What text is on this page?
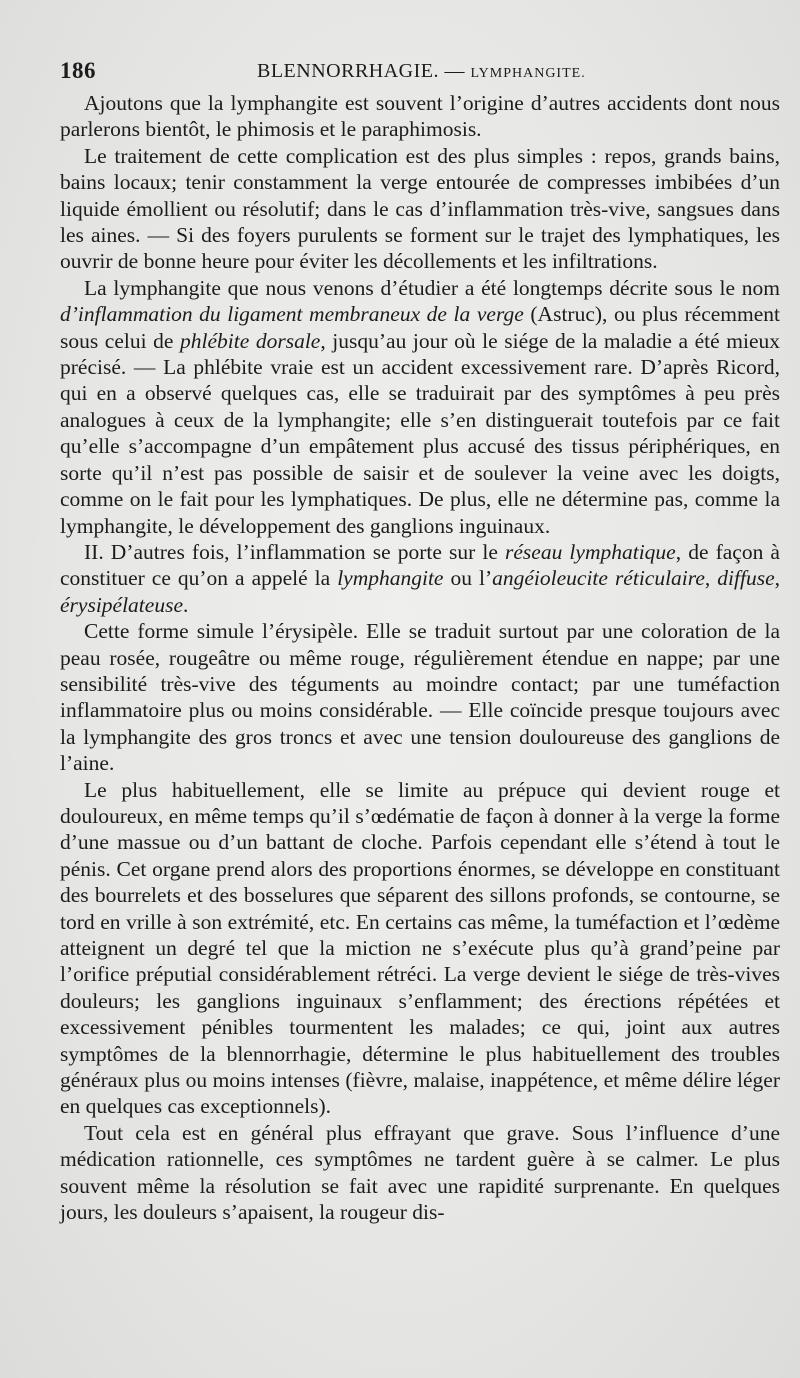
186	BLENNORRHAGIE. — LYMPHANGITE.

Ajoutons que la lymphangite est souvent l’origine d’autres accidents dont nous parlerons bientôt, le phimosis et le paraphimosis.

Le traitement de cette complication est des plus simples : repos, grands bains, bains locaux; tenir constamment la verge entourée de compresses imbibées d’un liquide émollient ou résolutif; dans le cas d’inflammation très-vive, sangsues dans les aines. — Si des foyers purulents se forment sur le trajet des lymphatiques, les ouvrir de bonne heure pour éviter les décollements et les infiltrations.

La lymphangite que nous venons d’étudier a été longtemps décrite sous le nom d’inflammation du ligament membraneux de la verge (Astruc), ou plus récemment sous celui de phlébite dorsale, jusqu’au jour où le siége de la maladie a été mieux précisé. — La phlébite vraie est un accident excessivement rare. D’après Ricord, qui en a observé quelques cas, elle se traduirait par des symptômes à peu près analogues à ceux de la lymphangite; elle s’en distinguerait toutefois par ce fait qu’elle s’accompagne d’un empâtement plus accusé des tissus périphériques, en sorte qu’il n’est pas possible de saisir et de soulever la veine avec les doigts, comme on le fait pour les lymphatiques. De plus, elle ne détermine pas, comme la lymphangite, le développement des ganglions inguinaux.

II. D’autres fois, l’inflammation se porte sur le réseau lymphatique, de façon à constituer ce qu’on a appelé la lymphangite ou l’angéioleucite réticulaire, diffuse, érysipélateuse.

Cette forme simule l’érysipèle. Elle se traduit surtout par une coloration de la peau rosée, rougeâtre ou même rouge, régulièrement étendue en nappe; par une sensibilité très-vive des téguments au moindre contact; par une tuméfaction inflammatoire plus ou moins considérable. — Elle coïncide presque toujours avec la lymphangite des gros troncs et avec une tension douloureuse des ganglions de l’aine.

Le plus habituellement, elle se limite au prépuce qui devient rouge et douloureux, en même temps qu’il s’œdématie de façon à donner à la verge la forme d’une massue ou d’un battant de cloche. Parfois cependant elle s’étend à tout le pénis. Cet organe prend alors des proportions énormes, se développe en constituant des bourrelets et des bosselures que séparent des sillons profonds, se contourne, se tord en vrille à son extrémité, etc. En certains cas même, la tuméfaction et l’œdème atteignent un degré tel que la miction ne s’exécute plus qu’à grand’peine par l’orifice préputial considérablement rétréci. La verge devient le siége de très-vives douleurs; les ganglions inguinaux s’enflamment; des érections répétées et excessivement pénibles tourmentent les malades; ce qui, joint aux autres symptômes de la blennorrhagie, détermine le plus habituellement des troubles généraux plus ou moins intenses (fièvre, malaise, inappétence, et même délire léger en quelques cas exceptionnels).

Tout cela est en général plus effrayant que grave. Sous l’influence d’une médication rationnelle, ces symptômes ne tardent guère à se calmer. Le plus souvent même la résolution se fait avec une rapidité surprenante. En quelques jours, les douleurs s’apaisent, la rougeur dis-
